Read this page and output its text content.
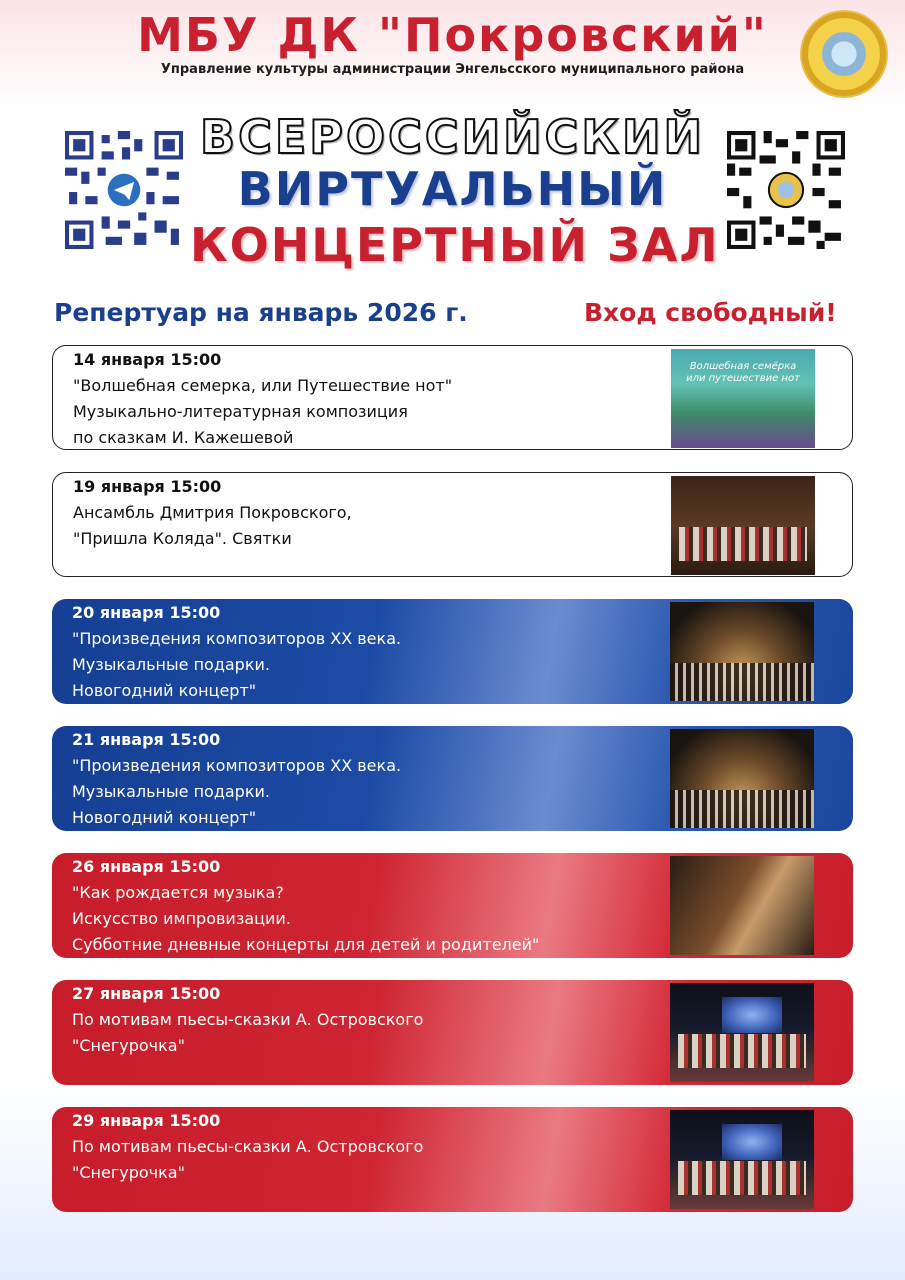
МБУ ДК "Покровский"
Управление культуры администрации Энгельсского муниципального района
ВСЕРОССИЙСКИЙ
ВИРТУАЛЬНЫЙ
КОНЦЕРТНЫЙ ЗАЛ
Репертуар на январь 2026 г.	Вход свободный!
14 января 15:00
"Волшебная семерка, или Путешествие нот"
Музыкально-литературная композиция
по сказкам И. Кажешевой
Волшебная семёрка или путешествие нот
19 января 15:00
Ансамбль Дмитрия Покровского,
"Пришла Коляда". Святки
20 января 15:00
"Произведения композиторов XX века.
Музыкальные подарки.
Новогодний концерт"
21 января 15:00
"Произведения композиторов XX века.
Музыкальные подарки.
Новогодний концерт"
26 января 15:00
"Как рождается музыка?
Искусство импровизации.
Субботние дневные концерты для детей и родителей"
27 января 15:00
По мотивам пьесы-сказки А. Островского
"Снегурочка"
29 января 15:00
По мотивам пьесы-сказки А. Островского
"Снегурочка"
